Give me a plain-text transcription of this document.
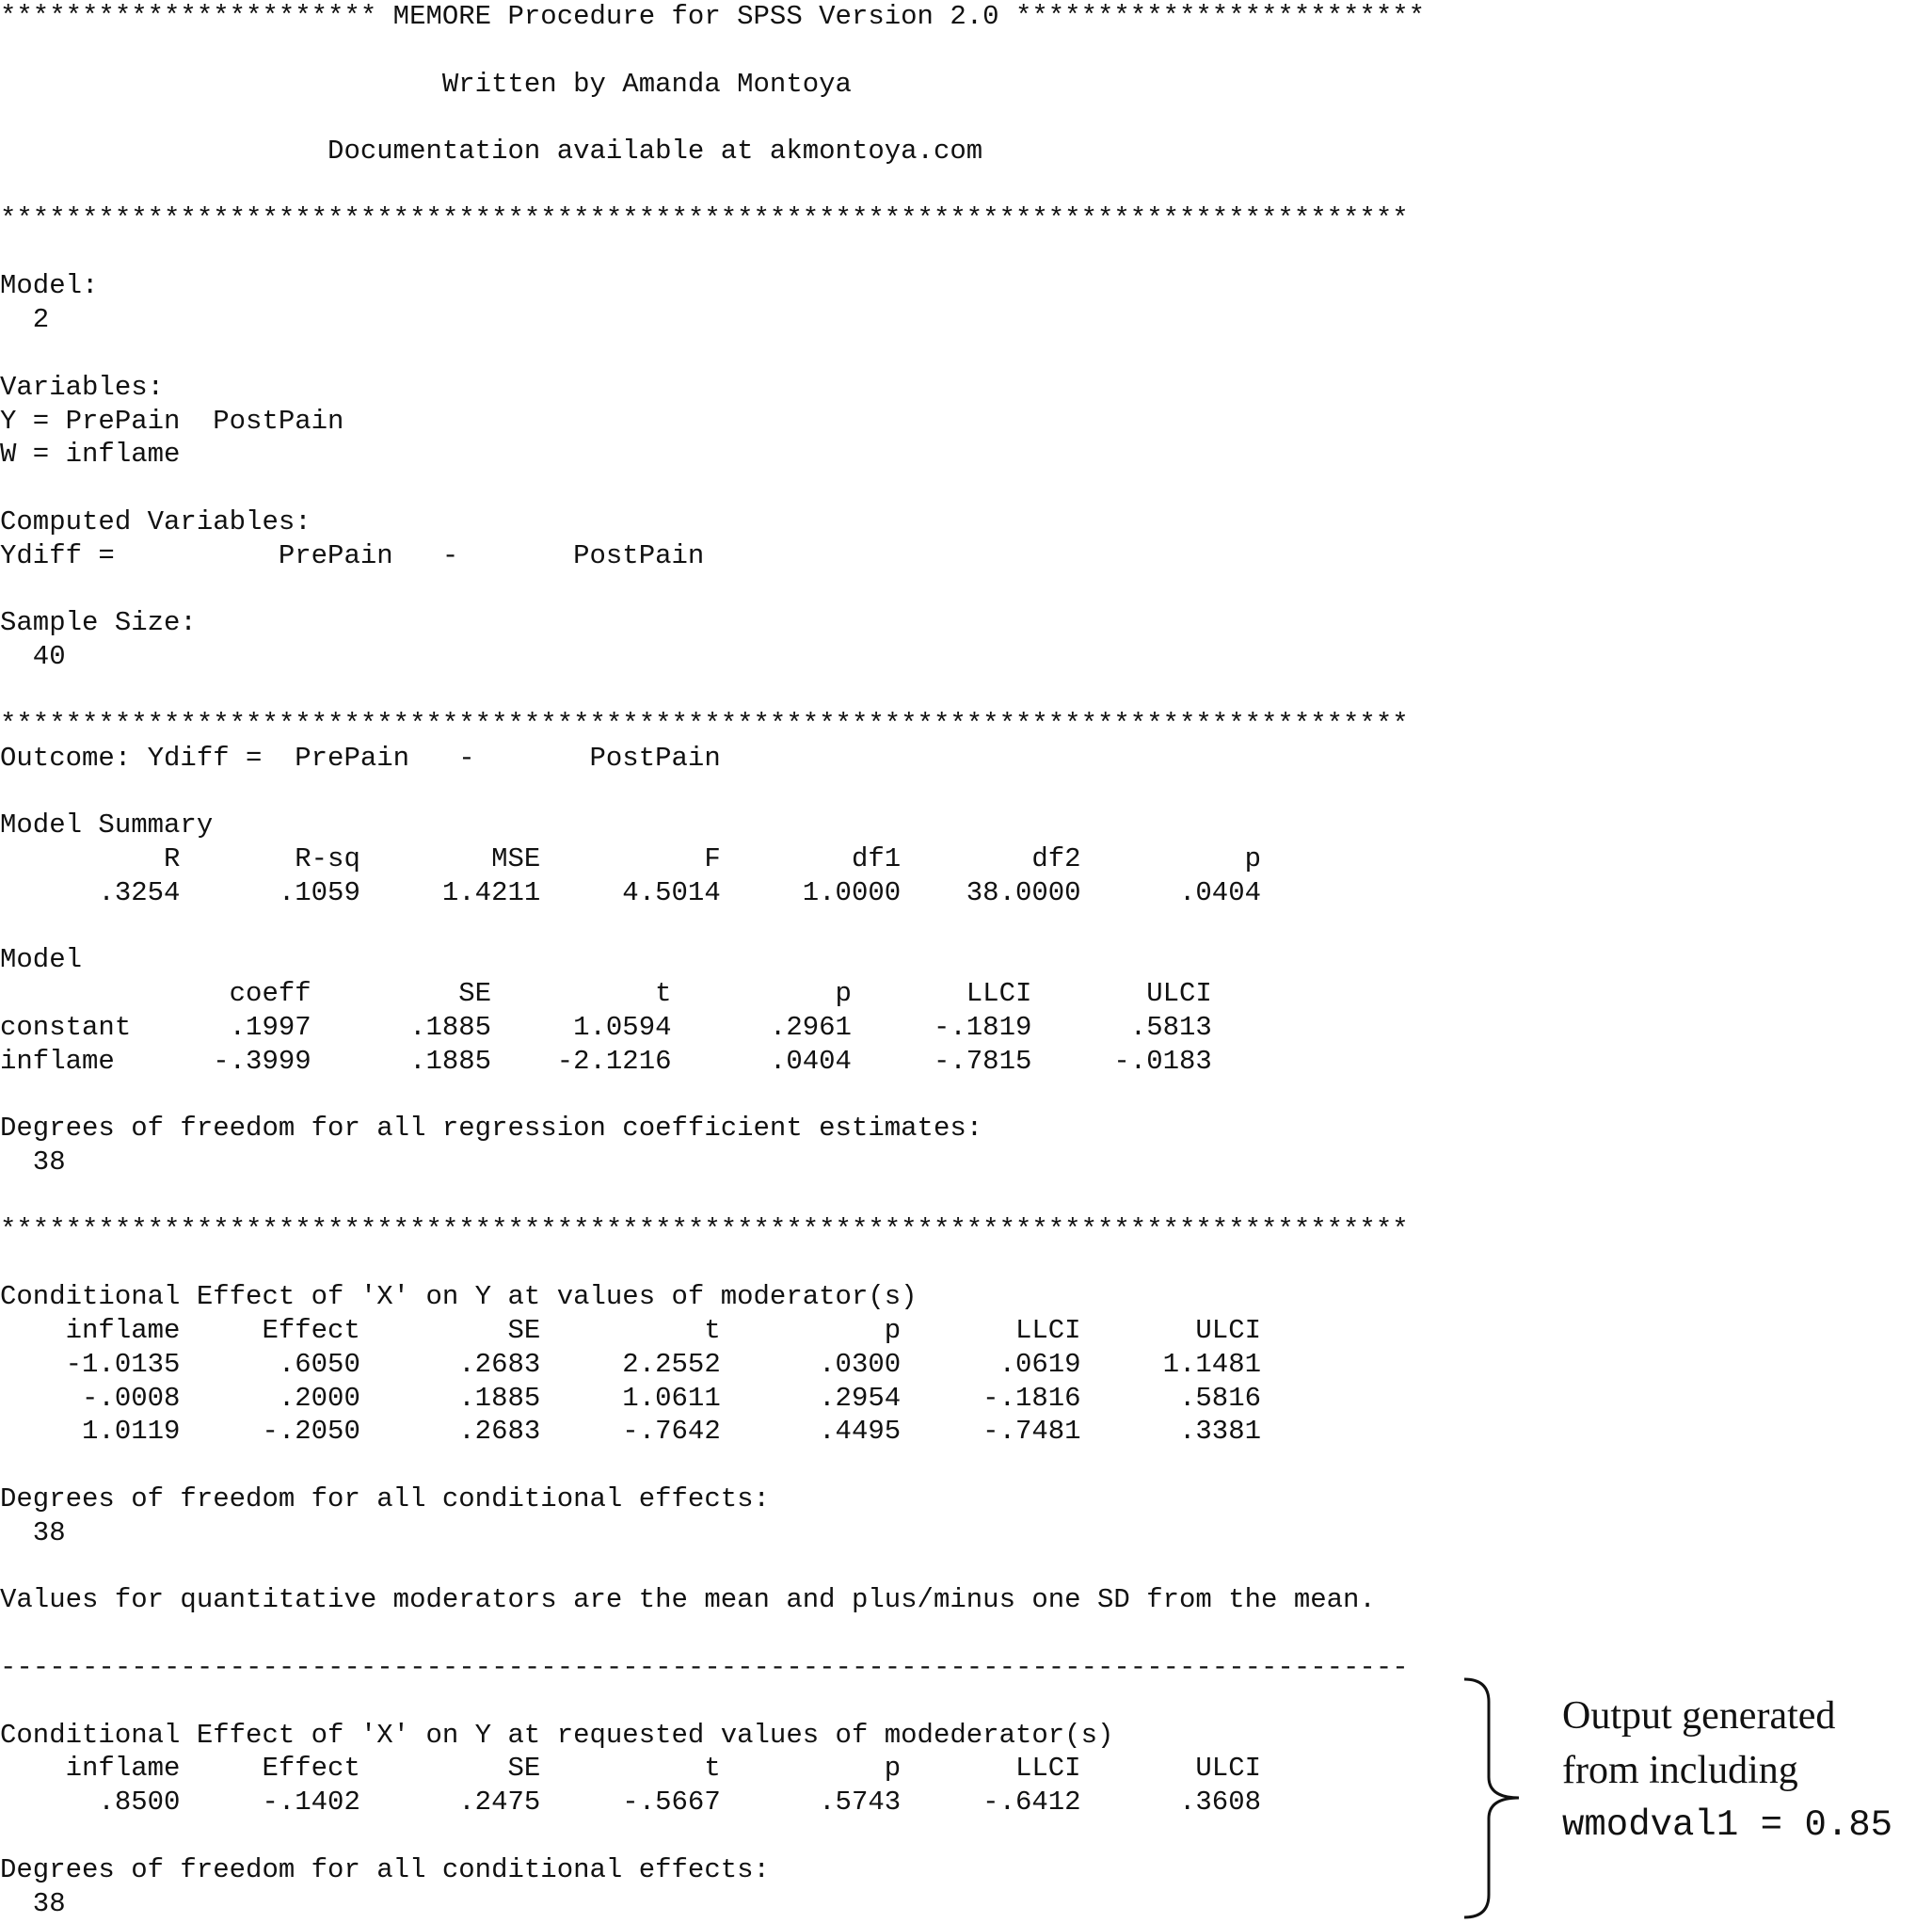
*********************** MEMORE Procedure for SPSS Version 2.0 *************************
Written by Amanda Montoya
Documentation available at akmontoya.com
**************************************************************************************
Model:
2
Variables:
Y = PrePain  PostPain
W = inflame
Computed Variables:
Ydiff =          PrePain   -       PostPain
Sample Size:
40
**************************************************************************************
Outcome: Ydiff =  PrePain   -       PostPain
Model Summary
R       R-sq        MSE          F        df1        df2          p
.3254      .1059     1.4211     4.5014     1.0000    38.0000      .0404
Model
coeff         SE          t          p       LLCI       ULCI
constant      .1997      .1885     1.0594      .2961     -.1819      .5813
inflame      -.3999      .1885    -2.1216      .0404     -.7815     -.0183
Degrees of freedom for all regression coefficient estimates:
38
**************************************************************************************
Conditional Effect of 'X' on Y at values of moderator(s)
inflame     Effect         SE          t          p       LLCI       ULCI
-1.0135      .6050      .2683     2.2552      .0300      .0619     1.1481
-.0008      .2000      .1885     1.0611      .2954     -.1816      .5816
1.0119     -.2050      .2683     -.7642      .4495     -.7481      .3381
Degrees of freedom for all conditional effects:
38
Values for quantitative moderators are the mean and plus/minus one SD from the mean.
--------------------------------------------------------------------------------------
Conditional Effect of 'X' on Y at requested values of modederator(s)
inflame     Effect         SE          t          p       LLCI       ULCI
.8500     -.1402      .2475     -.5667      .5743     -.6412      .3608
Degrees of freedom for all conditional effects:
38
Output generated
from including
wmodval1 = 0.85
